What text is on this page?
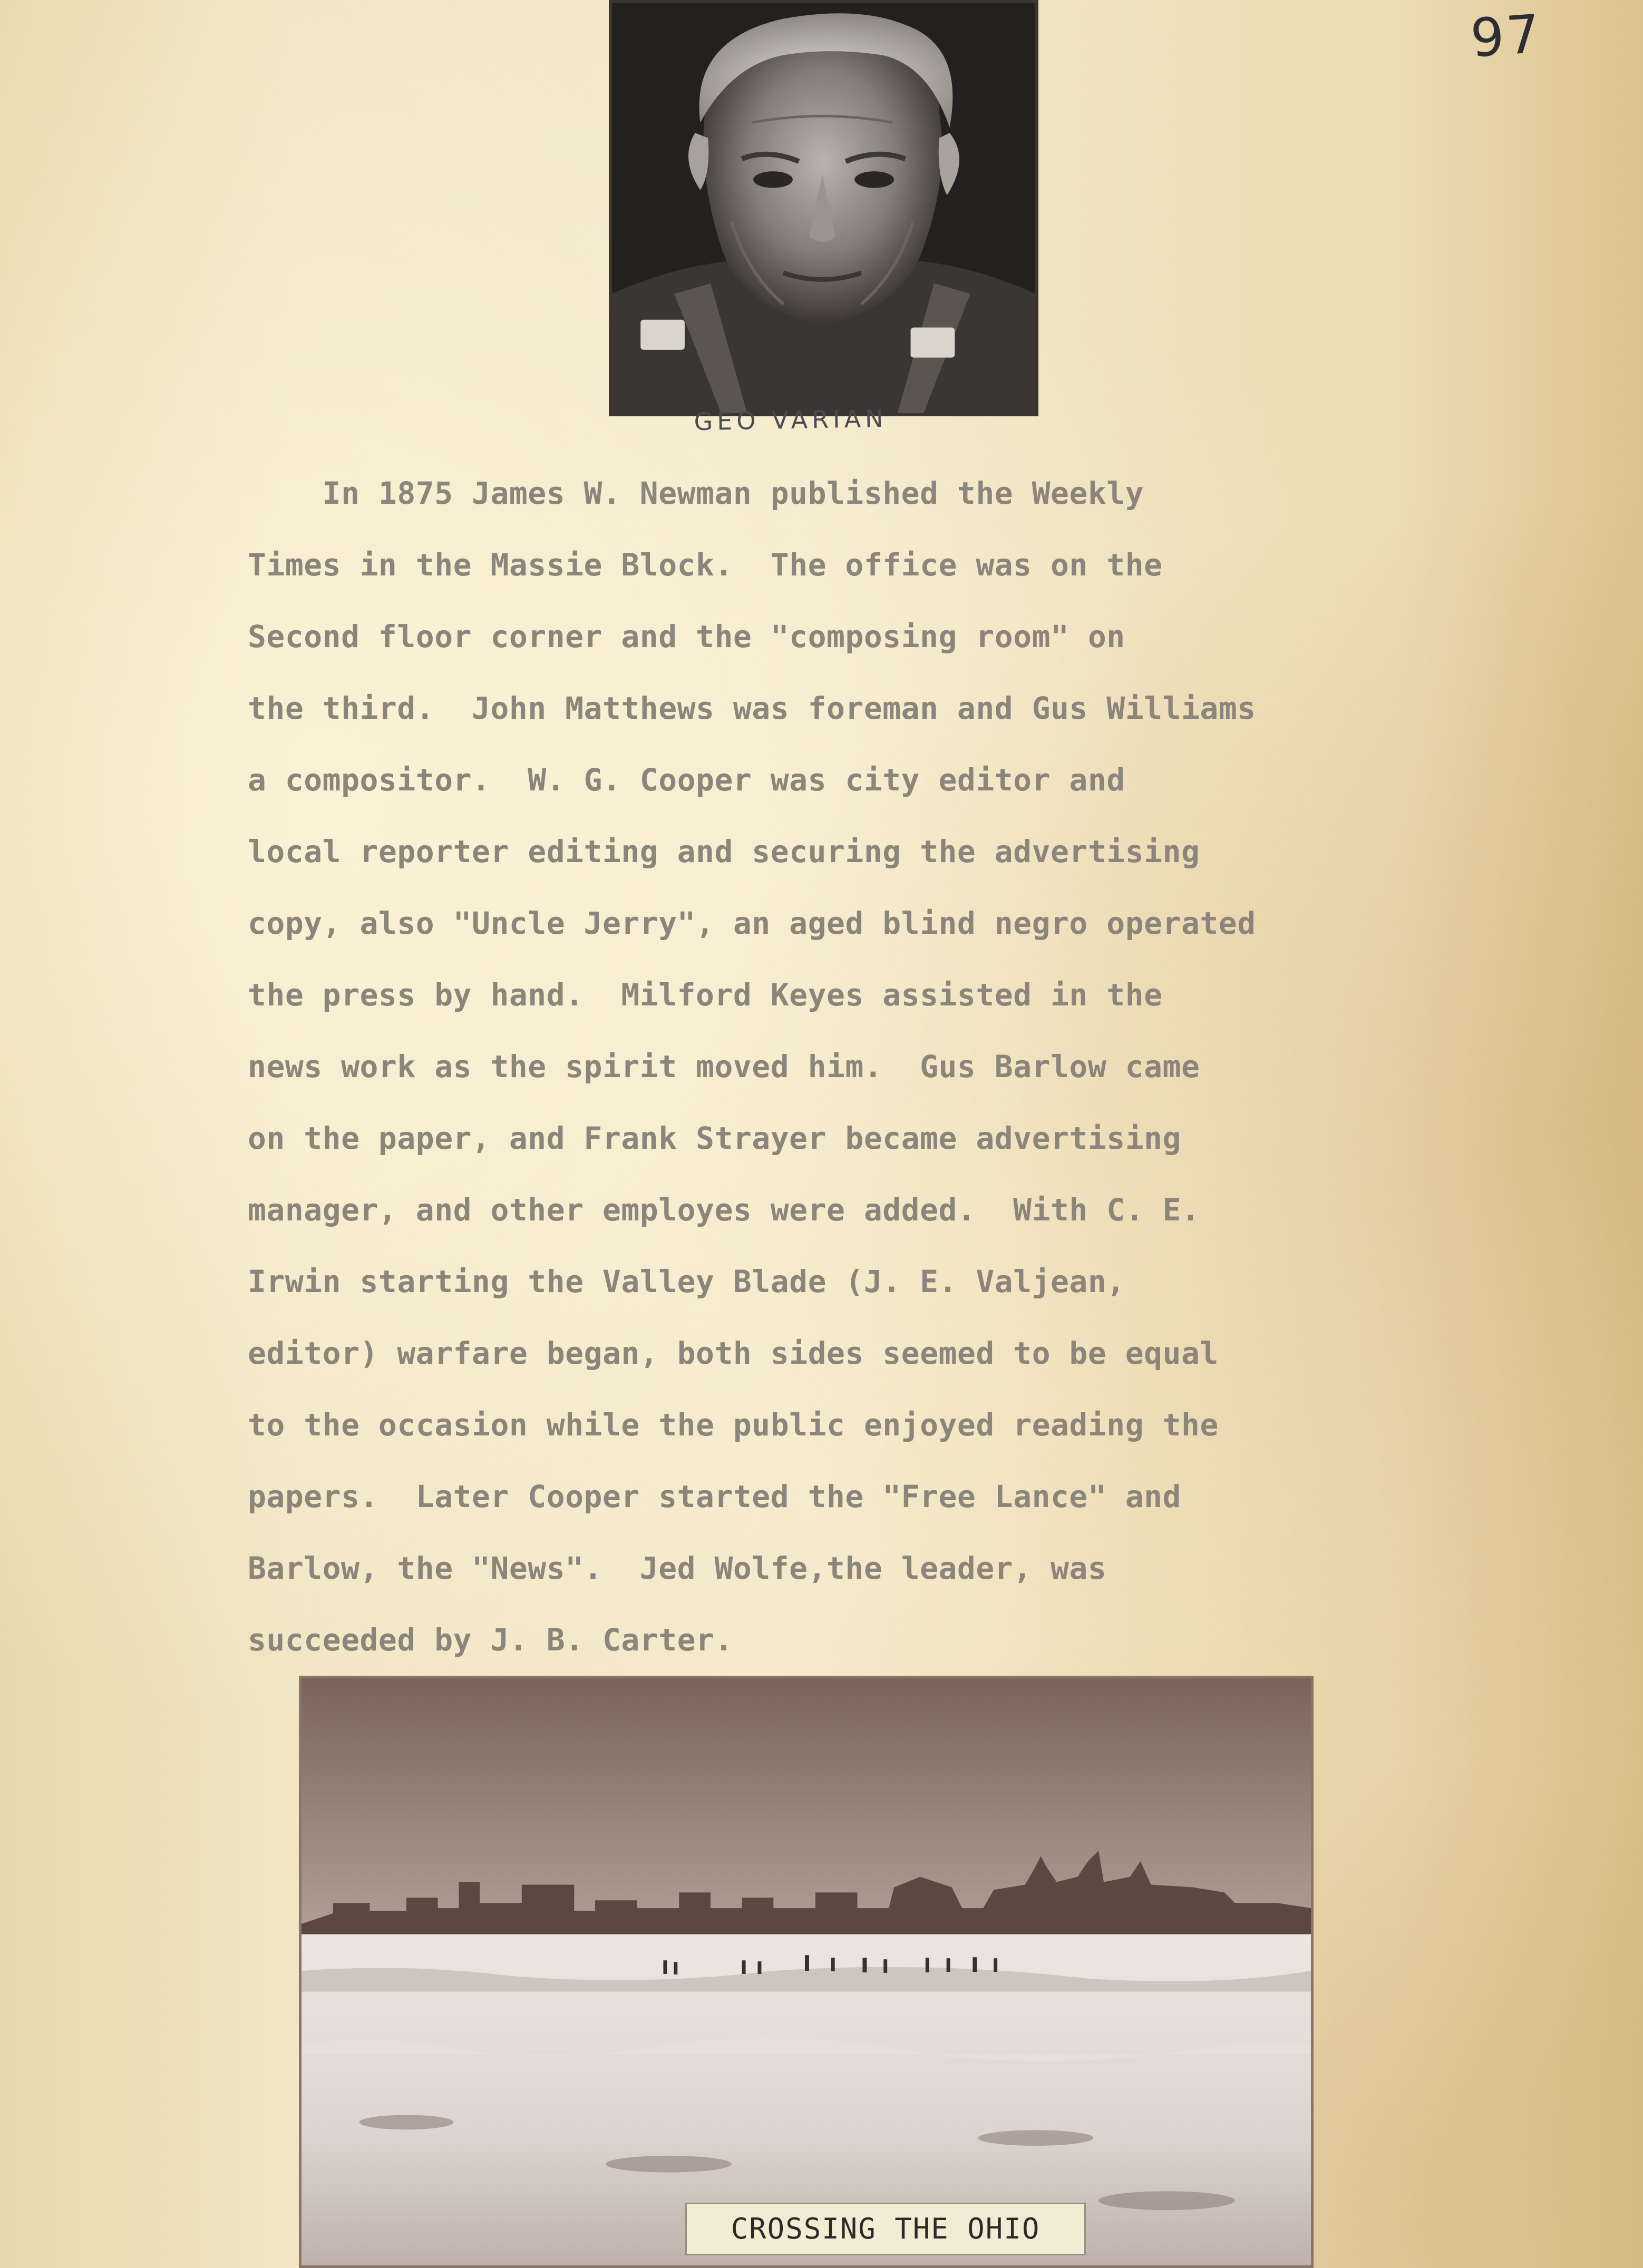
97
GEO VARIAN
In 1875 James W. Newman published the Weekly
Times in the Massie Block.  The office was on the
Second floor corner and the "composing room" on
the third.  John Matthews was foreman and Gus Williams
a compositor.  W. G. Cooper was city editor and
local reporter editing and securing the advertising
copy, also "Uncle Jerry", an aged blind negro operated
the press by hand.  Milford Keyes assisted in the
news work as the spirit moved him.  Gus Barlow came
on the paper, and Frank Strayer became advertising
manager, and other employes were added.  With C. E.
Irwin starting the Valley Blade (J. E. Valjean,
editor) warfare began, both sides seemed to be equal
to the occasion while the public enjoyed reading the
papers.  Later Cooper started the "Free Lance" and
Barlow, the "News".  Jed Wolfe,the leader, was
succeeded by J. B. Carter.
CROSSING THE OHIO
